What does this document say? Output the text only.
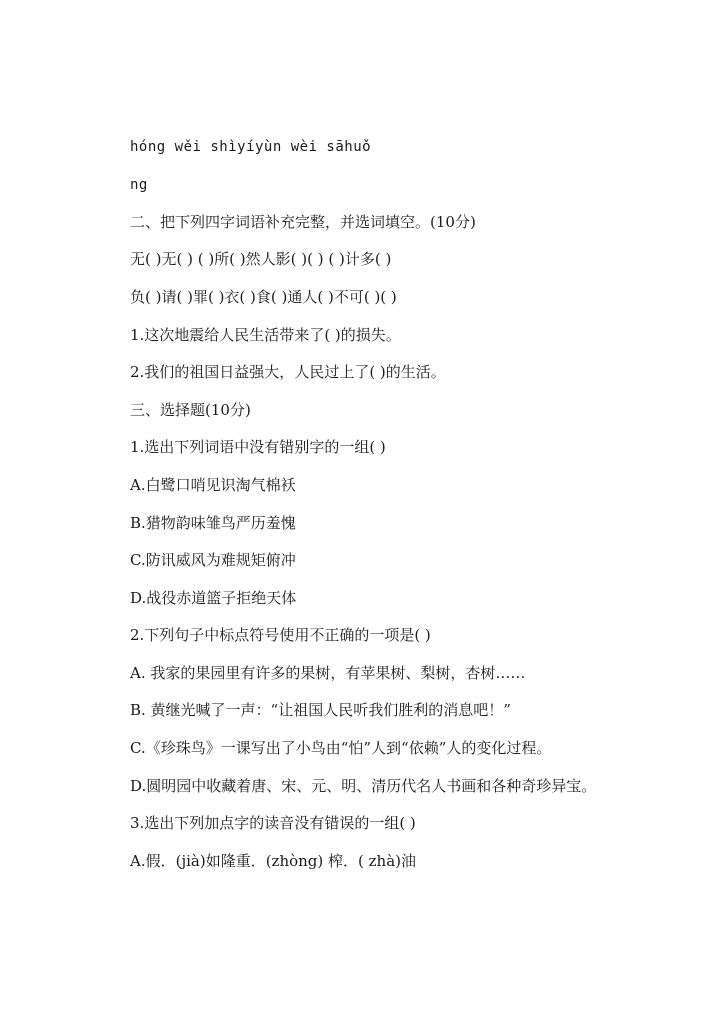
hóng wěi shìyíyùn wèi sāhuǒ
ng
二、把下列四字词语补充完整，并选词填空。(10分)
无( )无( ) ( )所( )然人影( )( ) ( )计多( )
负( )请( )罪( )衣( )食( )通人( )不可( )( )
1.这次地震给人民生活带来了( )的损失。
2.我们的祖国日益强大，人民过上了( )的生活。
三、选择题(10分)
1.选出下列词语中没有错别字的一组( )
A.白鹭口哨见识淘气棉袄
B.猎物韵味雏鸟严历羞愧
C.防讯威风为难规矩俯冲
D.战役赤道篮子拒绝天体
2.下列句子中标点符号使用不正确的一项是( )
A. 我家的果园里有许多的果树，有苹果树、梨树，杏树……
B. 黄继光喊了一声：“让祖国人民听我们胜利的消息吧！”
C.《珍珠鸟》一课写出了小鸟由“怕”人到“依赖”人的变化过程。
D.圆明园中收藏着唐、宋、元、明、清历代名人书画和各种奇珍异宝。
3.选出下列加点字的读音没有错误的一组( )
A.假．(jià)如隆重．(zhòng) 榨．( zhà)油
